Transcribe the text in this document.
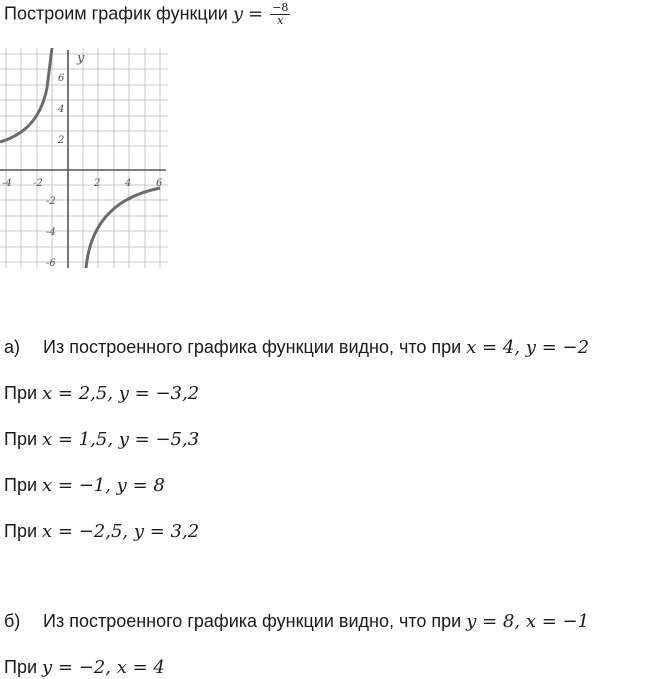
Построим график функции $y = \frac{-8}{x}$
y
-4 -2	2 4 6
6
4
2
-2
-4
-6
а) Из построенного графика функции видно, что при x = 4, y = −2
При x = 2,5, y = −3,2
При x = 1,5, y = −5,3
При x = −1, y = 8
При x = −2,5, y = 3,2
б) Из построенного графика функции видно, что при y = 8, x = −1
При y = −2, x = 4
